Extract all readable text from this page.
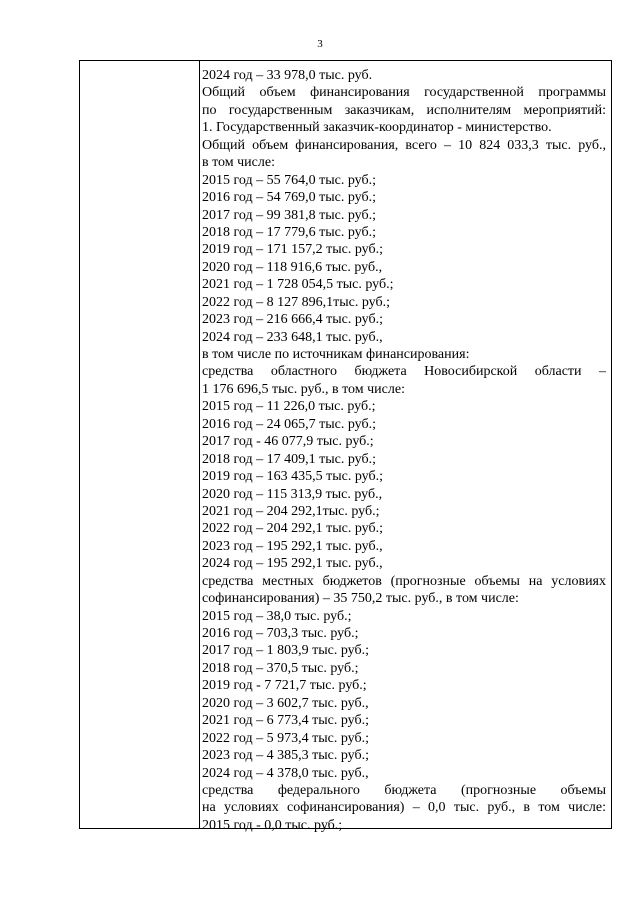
3
2024 год – 33 978,0 тыс. руб.
Общий объем финансирования государственной программы
по государственным заказчикам, исполнителям мероприятий:
1. Государственный заказчик-координатор - министерство.
Общий объем финансирования, всего – 10 824 033,3 тыс. руб.,
в том числе:
2015 год – 55 764,0 тыс. руб.;
2016 год – 54 769,0 тыс. руб.;
2017 год – 99 381,8 тыс. руб.;
2018 год – 17 779,6 тыс. руб.;
2019 год – 171 157,2 тыс. руб.;
2020 год – 118 916,6 тыс. руб.,
2021 год – 1 728 054,5 тыс. руб.;
2022 год – 8 127 896,1тыс. руб.;
2023 год – 216 666,4 тыс. руб.;
2024 год – 233 648,1 тыс. руб.,
в том числе по источникам финансирования:
средства областного бюджета Новосибирской области –
1 176 696,5 тыс. руб., в том числе:
2015 год – 11 226,0 тыс. руб.;
2016 год – 24 065,7 тыс. руб.;
2017 год - 46 077,9 тыс. руб.;
2018 год – 17 409,1 тыс. руб.;
2019 год – 163 435,5 тыс. руб.;
2020 год – 115 313,9 тыс. руб.,
2021 год – 204 292,1тыс. руб.;
2022 год – 204 292,1 тыс. руб.;
2023 год – 195 292,1 тыс. руб.,
2024 год – 195 292,1 тыс. руб.,
средства местных бюджетов (прогнозные объемы на условиях
софинансирования) – 35 750,2 тыс. руб., в том числе:
2015 год – 38,0 тыс. руб.;
2016 год – 703,3 тыс. руб.;
2017 год – 1 803,9 тыс. руб.;
2018 год – 370,5 тыс. руб.;
2019 год - 7 721,7 тыс. руб.;
2020 год – 3 602,7 тыс. руб.,
2021 год – 6 773,4 тыс. руб.;
2022 год – 5 973,4 тыс. руб.;
2023 год – 4 385,3 тыс. руб.;
2024 год – 4 378,0 тыс. руб.,
средства федерального бюджета (прогнозные объемы
на условиях софинансирования) – 0,0 тыс. руб., в том числе:
2015 год - 0,0 тыс. руб.;
